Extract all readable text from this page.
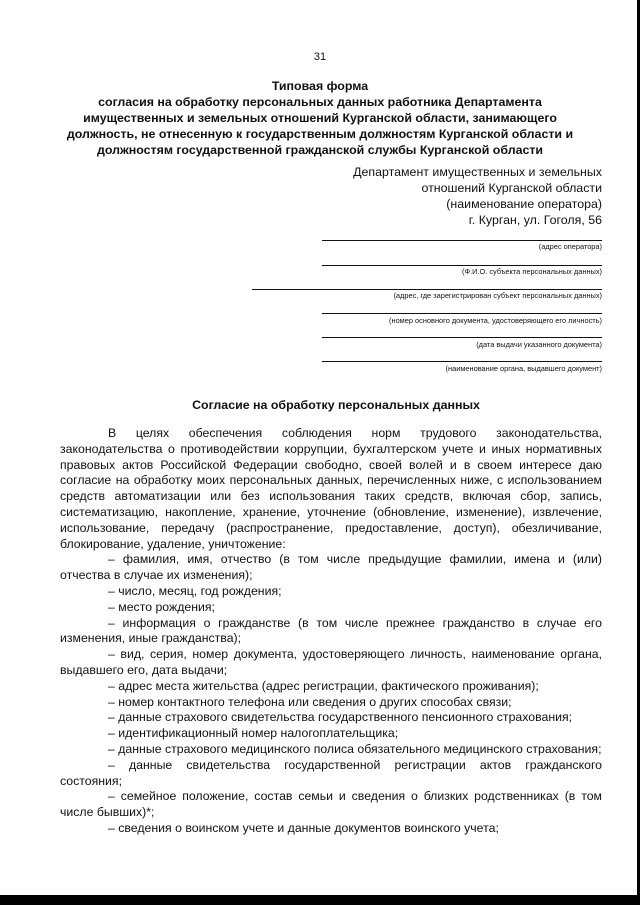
31
Типовая форма
согласия на обработку персональных данных работника Департамента
имущественных и земельных отношений Курганской области, занимающего
должность, не отнесенную к государственным должностям Курганской области и
должностям государственной гражданской службы Курганской области
Департамент имущественных и земельных
отношений Курганской области
(наименование оператора)
г. Курган, ул. Гоголя, 56
(адрес оператора)
(Ф.И.О. субъекта персональных данных)
(адрес, где зарегистрирован субъект персональных данных)
(номер основного документа, удостоверяющего его личность)
(дата выдачи указанного документа)
(наименование органа, выдавшего документ)
Согласие на обработку персональных данных

В целях обеспечения соблюдения норм трудового законодательства, законодательства о противодействии коррупции, бухгалтерском учете и иных нормативных правовых актов Российской Федерации свободно, своей волей и в своем интересе даю согласие на обработку моих персональных данных, перечисленных ниже, с использованием средств автоматизации или без использования таких средств, включая сбор, запись, систематизацию, накопление, хранение, уточнение (обновление, изменение), извлечение, использование, передачу (распространение, предоставление, доступ), обезличивание, блокирование, удаление, уничтожение:

– фамилия, имя, отчество (в том числе предыдущие фамилии, имена и (или) отчества в случае их изменения);

– число, месяц, год рождения;

– место рождения;

– информация о гражданстве (в том числе прежнее гражданство в случае его изменения, иные гражданства);

– вид, серия, номер документа, удостоверяющего личность, наименование органа, выдавшего его, дата выдачи;

– адрес места жительства (адрес регистрации, фактического проживания);

– номер контактного телефона или сведения о других способах связи;

– данные страхового свидетельства государственного пенсионного страхования;

– идентификационный номер налогоплательщика;

– данные страхового медицинского полиса обязательного медицинского страхования;

– данные свидетельства государственной регистрации актов гражданского состояния;

– семейное положение, состав семьи и сведения о близких родственниках (в том числе бывших)*;

– сведения о воинском учете и данные документов воинского учета;
